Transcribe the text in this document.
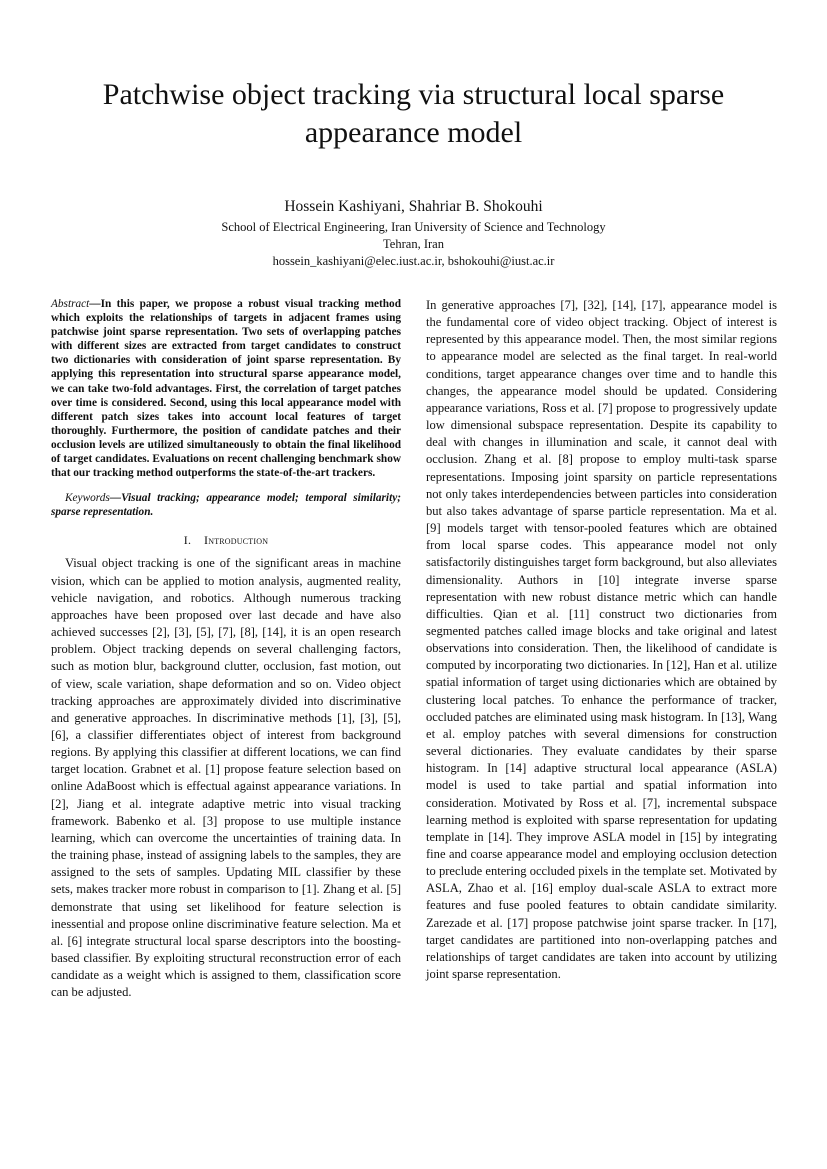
Patchwise object tracking via structural local sparse
appearance model
Hossein Kashiyani, Shahriar B. Shokouhi
School of Electrical Engineering, Iran University of Science and Technology
Tehran, Iran
hossein_kashiyani@elec.iust.ac.ir, bshokouhi@iust.ac.ir

Abstract—In this paper, we propose a robust visual tracking method which exploits the relationships of targets in adjacent frames using patchwise joint sparse representation. Two sets of overlapping patches with different sizes are extracted from target candidates to construct two dictionaries with consideration of joint sparse representation. By applying this representation into structural sparse appearance model, we can take two-fold advantages. First, the correlation of target patches over time is considered. Second, using this local appearance model with different patch sizes takes into account local features of target thoroughly. Furthermore, the position of candidate patches and their occlusion levels are utilized simultaneously to obtain the final likelihood of target candidates. Evaluations on recent challenging benchmark show that our tracking method outperforms the state-of-the-art trackers.

Keywords—Visual tracking; appearance model; temporal similarity; sparse representation.

I. Introduction

Visual object tracking is one of the significant areas in machine vision, which can be applied to motion analysis, augmented reality, vehicle navigation, and robotics. Although numerous tracking approaches have been proposed over last decade and have also achieved successes [2], [3], [5], [7], [8], [14], it is an open research problem. Object tracking depends on several challenging factors, such as motion blur, background clutter, occlusion, fast motion, out of view, scale variation, shape deformation and so on. Video object tracking approaches are approximately divided into discriminative and generative approaches. In discriminative methods [1], [3], [5], [6], a classifier differentiates object of interest from background regions. By applying this classifier at different locations, we can find target location. Grabnet et al. [1] propose feature selection based on online AdaBoost which is effectual against appearance variations. In [2], Jiang et al. integrate adaptive metric into visual tracking framework. Babenko et al. [3] propose to use multiple instance learning, which can overcome the uncertainties of training data. In the training phase, instead of assigning labels to the samples, they are assigned to the sets of samples. Updating MIL classifier by these sets, makes tracker more robust in comparison to [1]. Zhang et al. [5] demonstrate that using set likelihood for feature selection is inessential and propose online discriminative feature selection. Ma et al. [6] integrate structural local sparse descriptors into the boosting-based classifier. By exploiting structural reconstruction error of each candidate as a weight which is assigned to them, classification score can be adjusted.

In generative approaches [7], [32], [14], [17], appearance model is the fundamental core of video object tracking. Object of interest is represented by this appearance model. Then, the most similar regions to appearance model are selected as the final target. In real-world conditions, target appearance changes over time and to handle this changes, the appearance model should be updated. Considering appearance variations, Ross et al. [7] propose to progressively update low dimensional subspace representation. Despite its capability to deal with changes in illumination and scale, it cannot deal with occlusion. Zhang et al. [8] propose to employ multi-task sparse representations. Imposing joint sparsity on particle representations not only takes interdependencies between particles into consideration but also takes advantage of sparse particle representation. Ma et al. [9] models target with tensor-pooled features which are obtained from local sparse codes. This appearance model not only satisfactorily distinguishes target form background, but also alleviates dimensionality. Authors in [10] integrate inverse sparse representation with new robust distance metric which can handle difficulties. Qian et al. [11] construct two dictionaries from segmented patches called image blocks and take original and latest observations into consideration. Then, the likelihood of candidate is computed by incorporating two dictionaries. In [12], Han et al. utilize spatial information of target using dictionaries which are obtained by clustering local patches. To enhance the performance of tracker, occluded patches are eliminated using mask histogram. In [13], Wang et al. employ patches with several dimensions for construction several dictionaries. They evaluate candidates by their sparse histogram. In [14] adaptive structural local appearance (ASLA) model is used to take partial and spatial information into consideration. Motivated by Ross et al. [7], incremental subspace learning method is exploited with sparse representation for updating template in [14]. They improve ASLA model in [15] by integrating fine and coarse appearance model and employing occlusion detection to preclude entering occluded pixels in the template set. Motivated by ASLA, Zhao et al. [16] employ dual-scale ASLA to extract more features and fuse pooled features to obtain candidate similarity. Zarezade et al. [17] propose patchwise joint sparse tracker. In [17], target candidates are partitioned into non-overlapping patches and relationships of target candidates are taken into account by utilizing joint sparse representation.
